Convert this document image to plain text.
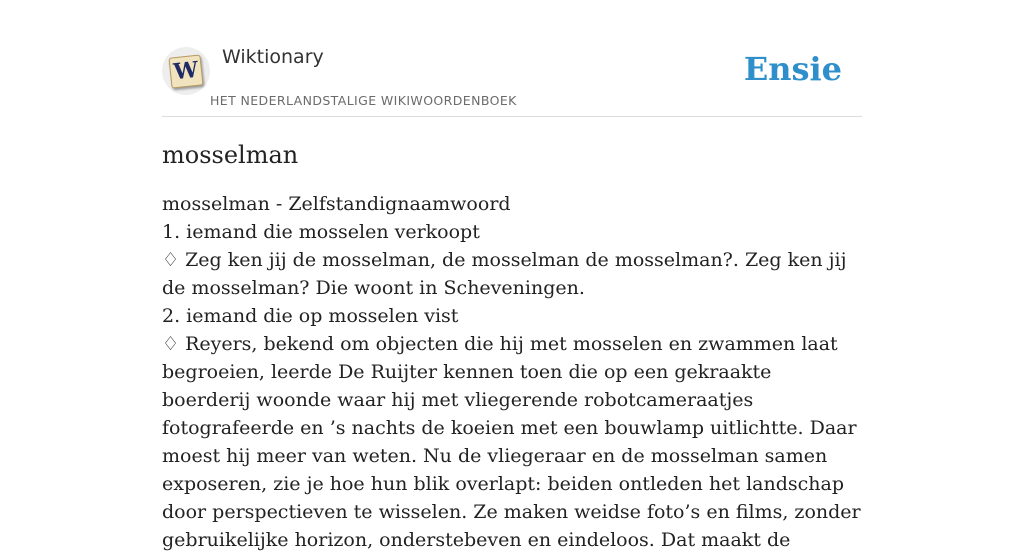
W Wiktionary
HET NEDERLANDSTALIGE WIKIWOORDENBOEK
Ensie
mosselman
mosselman - Zelfstandignaamwoord
1. iemand die mosselen verkoopt
♢ Zeg ken jij de mosselman, de mosselman de mosselman?. Zeg ken jij de mosselman? Die woont in Scheveningen.
2. iemand die op mosselen vist
♢ Reyers, bekend om objecten die hij met mosselen en zwammen laat begroeien, leerde De Ruijter kennen toen die op een gekraakte boerderij woonde waar hij met vliegerende robotcameraatjes fotografeerde en ’s nachts de koeien met een bouwlamp uitlichtte. Daar moest hij meer van weten. Nu de vliegeraar en de mosselman samen exposeren, zie je hoe hun blik overlapt: beiden ontleden het landschap door perspectieven te wisselen. Ze maken weidse foto’s en films, zonder gebruikelijke horizon, onderstebeven en eindeloos. Dat maakt de
